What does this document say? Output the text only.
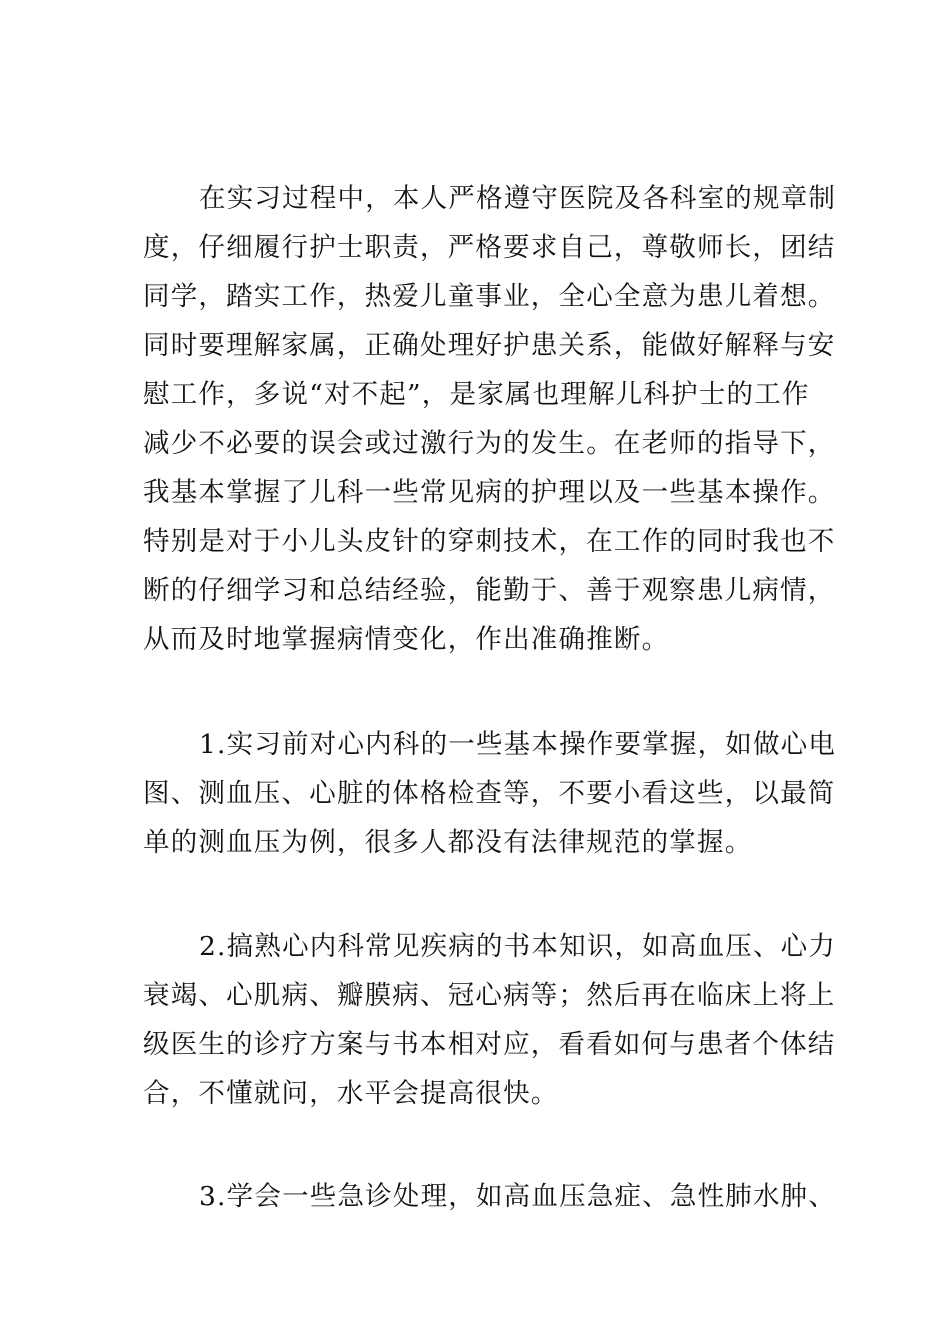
在实习过程中，本人严格遵守医院及各科室的规章制
度，仔细履行护士职责，严格要求自己，尊敬师长，团结
同学，踏实工作，热爱儿童事业，全心全意为患儿着想。
同时要理解家属，正确处理好护患关系，能做好解释与安
慰工作，多说“对不起”，是家属也理解儿科护士的工作
减少不必要的误会或过激行为的发生。在老师的指导下，
我基本掌握了儿科一些常见病的护理以及一些基本操作。
特别是对于小儿头皮针的穿刺技术，在工作的同时我也不
断的仔细学习和总结经验，能勤于、善于观察患儿病情，
从而及时地掌握病情变化，作出准确推断。
1.实习前对心内科的一些基本操作要掌握，如做心电
图、测血压、心脏的体格检查等，不要小看这些，以最简
单的测血压为例，很多人都没有法律规范的掌握。
2.搞熟心内科常见疾病的书本知识，如高血压、心力
衰竭、心肌病、瓣膜病、冠心病等；然后再在临床上将上
级医生的诊疗方案与书本相对应，看看如何与患者个体结
合，不懂就问，水平会提高很快。
3.学会一些急诊处理，如高血压急症、急性肺水肿、
